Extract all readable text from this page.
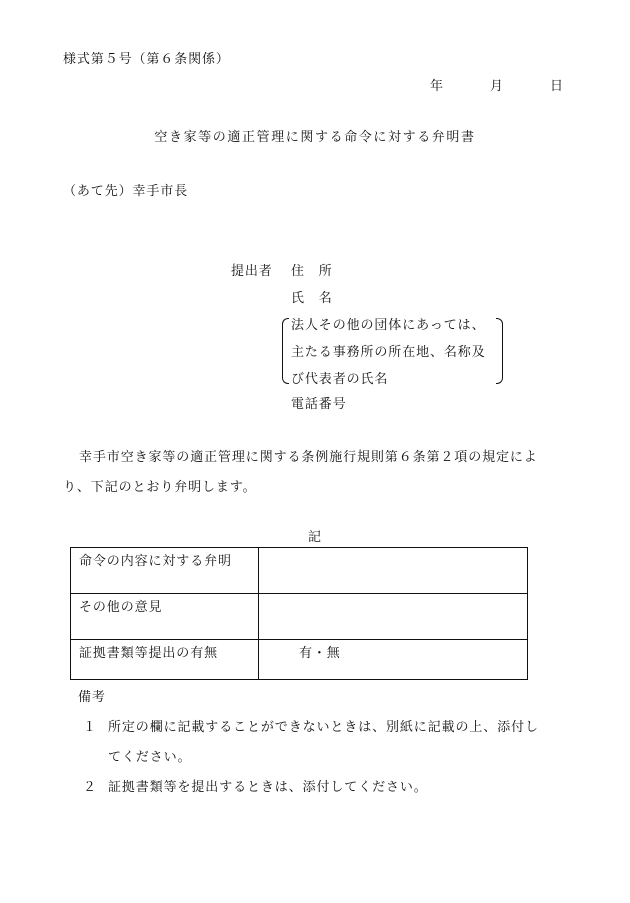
様式第５号（第６条関係）
年	月	日
空き家等の適正管理に関する命令に対する弁明書
（あて先）幸手市長
提出者 住　所
氏　名
法人その他の団体にあっては、
主たる事務所の所在地、名称及
び代表者の氏名
電話番号
幸手市空き家等の適正管理に関する条例施行規則第６条第２項の規定により、下記のとおり弁明します。
記
命令の内容に対する弁明	
その他の意見	
証拠書類等提出の有無	有・無
備考
１ 所定の欄に記載することができないときは、別紙に記載の上、添付してください。
２ 証拠書類等を提出するときは、添付してください。
